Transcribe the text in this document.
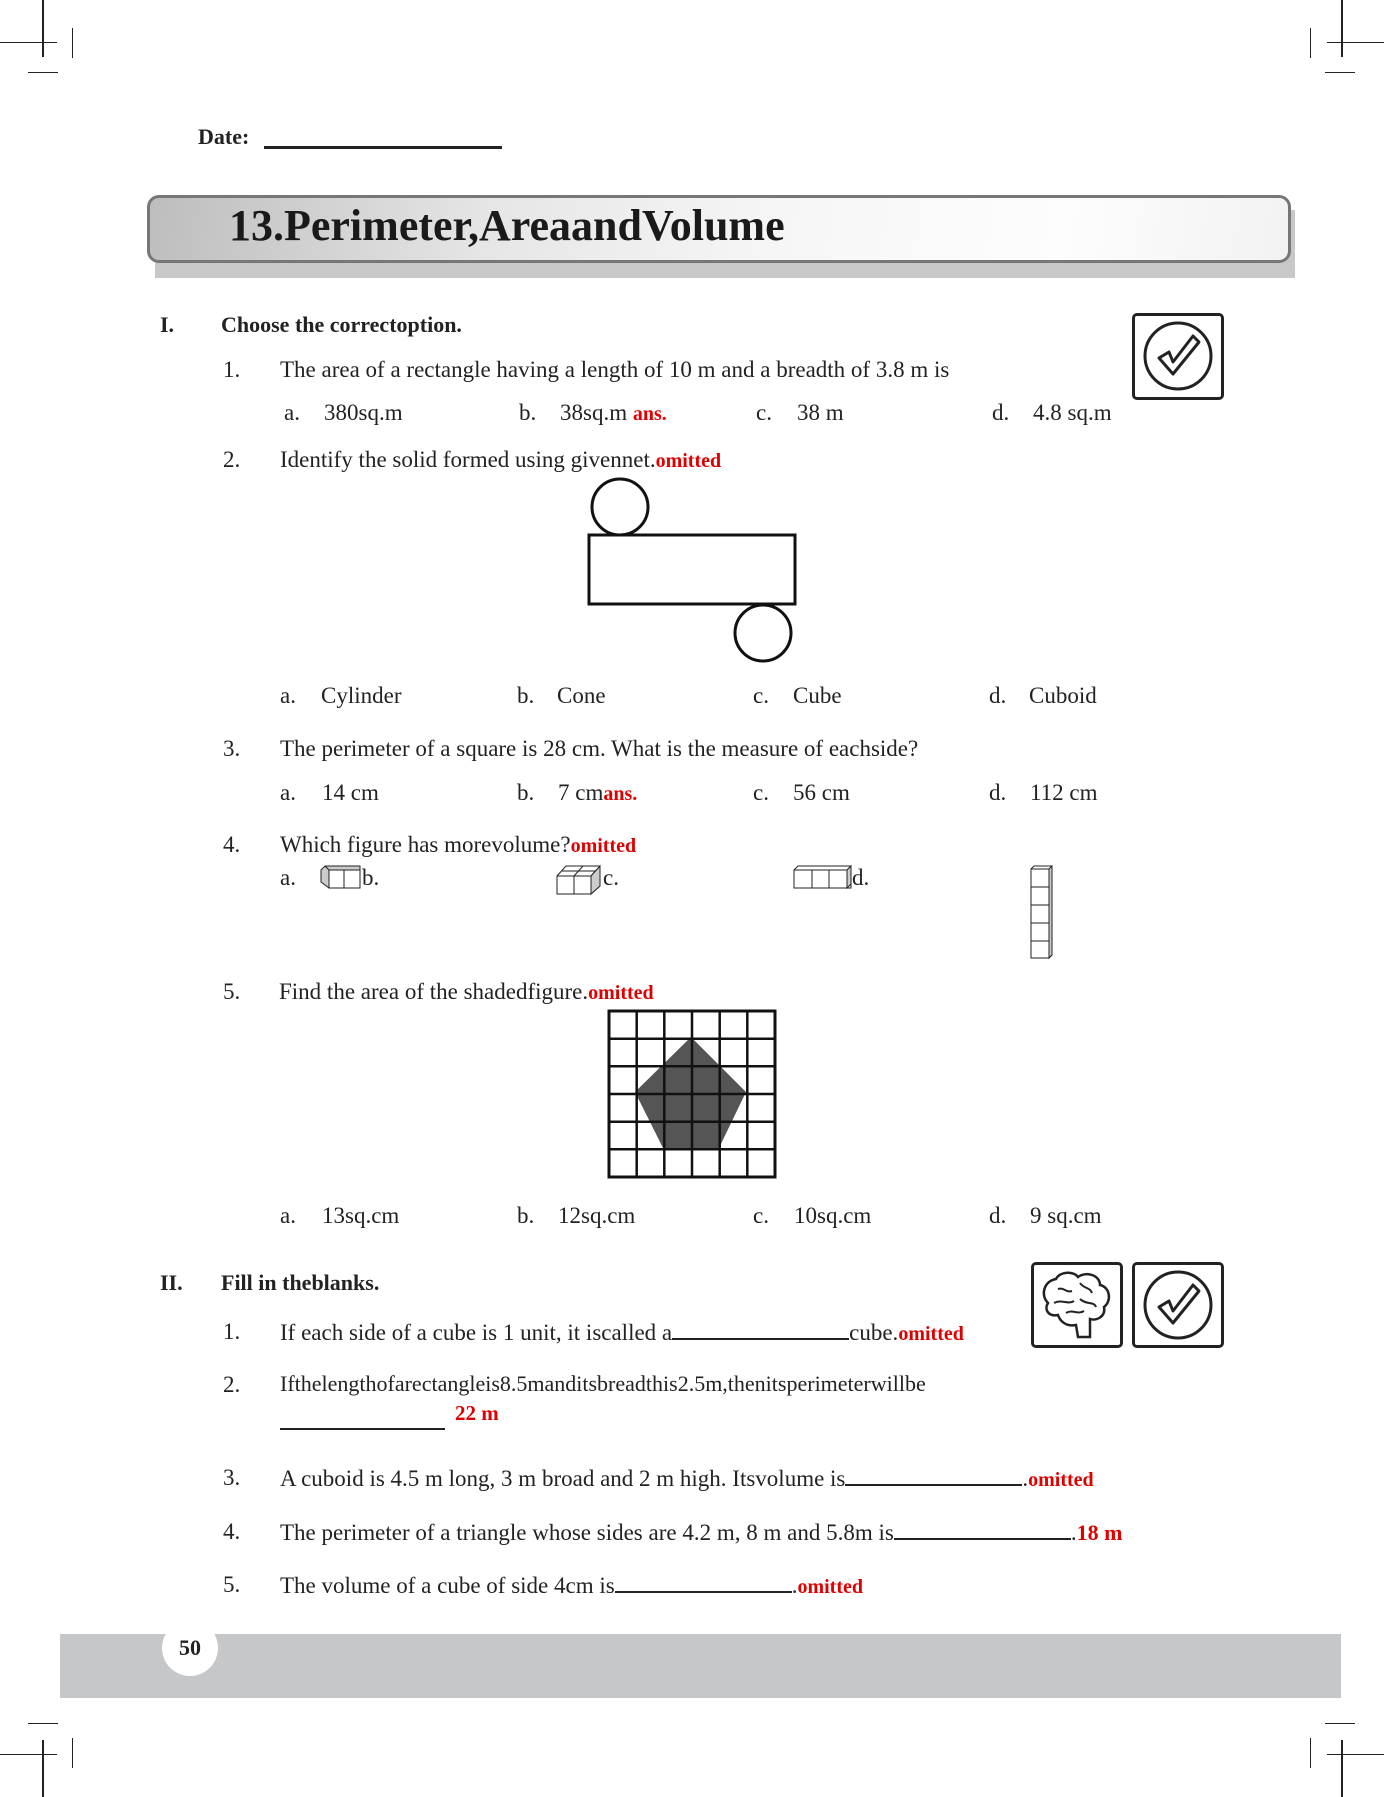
Date:
13.Perimeter,AreaandVolume
I. Choose the correctoption.
1. The area of a rectangle having a length of 10 m and a breadth of 3.8 m is
a. 380sq.m	b. 38sq.m ans.	c. 38 m	d. 4.8 sq.m
2. Identify the solid formed using givennet.omitted
a. Cylinder	b. Cone	c. Cube	d. Cuboid
3. The perimeter of a square is 28 cm. What is the measure of eachside?
a. 14 cm	b. 7 cmans.	c. 56 cm	d. 112 cm
4. Which figure has morevolume?omitted
a.	b.	c.	d.
5. Find the area of the shadedfigure.omitted
a. 13sq.cm	b. 12sq.cm	c. 10sq.cm	d. 9 sq.cm
II. Fill in theblanks.
1. If each side of a cube is 1 unit, it iscalled a	cube.omitted
2. Ifthelengthofarectangleis8.5manditsbreadthis2.5m,thenitsperimeterwillbe
22 m
3. A cuboid is 4.5 m long, 3 m broad and 2 m high. Itsvolume is	.omitted
4. The perimeter of a triangle whose sides are 4.2 m, 8 m and 5.8m is	.18 m
5. The volume of a cube of side 4cm is	.omitted
50
